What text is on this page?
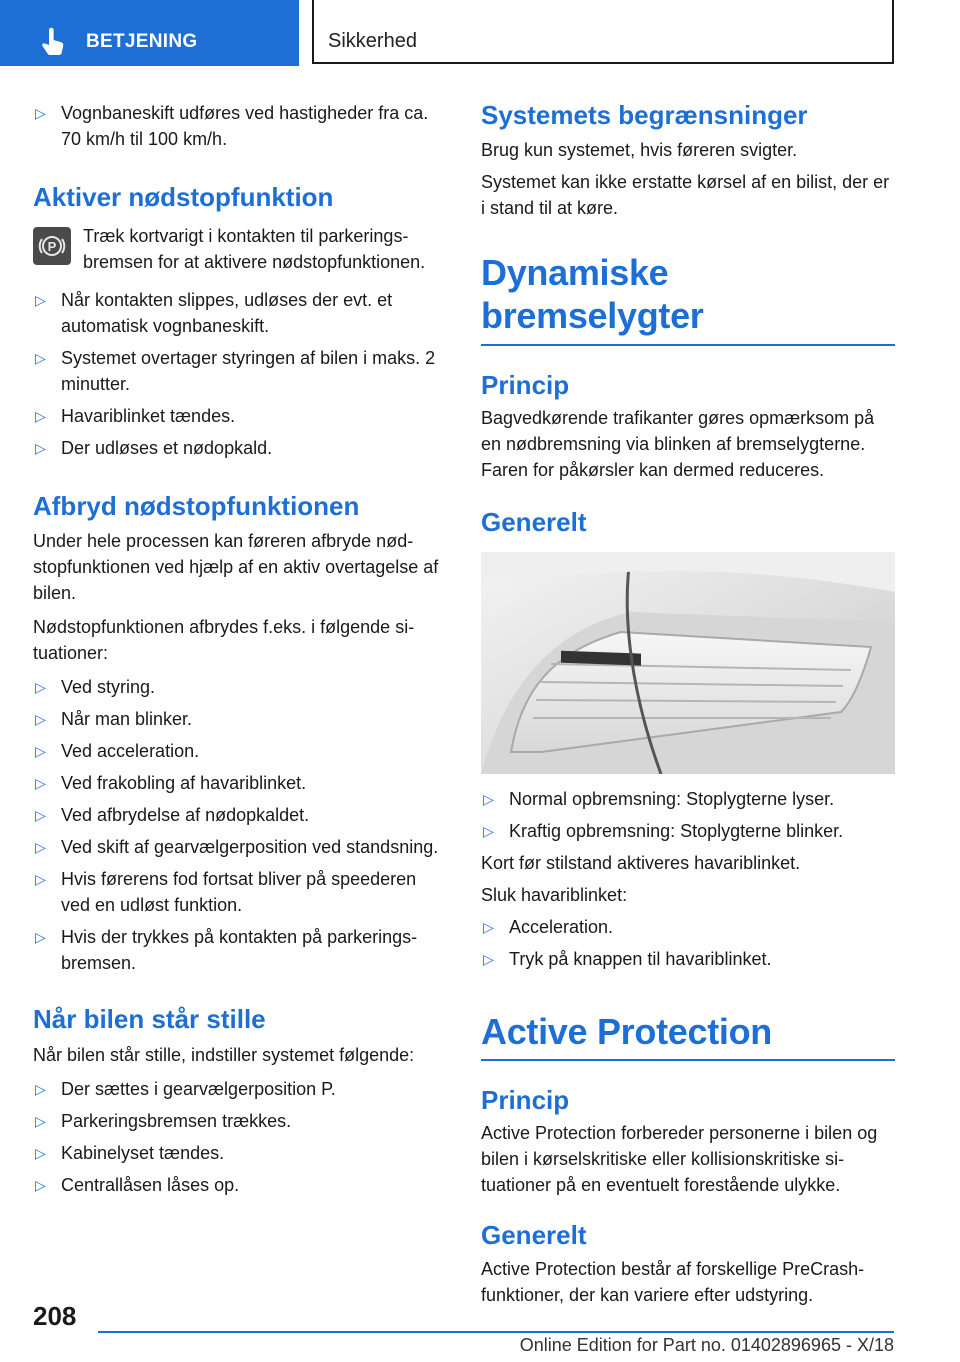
BETJENING	Sikkerhed
▷ Vognbaneskift udføres ved hastigheder fra ca. 70 km/h til 100 km/h.
Aktiver nødstopfunktion
P

Træk kortvarigt i kontakten til parkeringsbremsen for at aktivere nødstopfunktionen.

▷ Når kontakten slippes, udløses der evt. et automatisk vognbaneskift.
▷ Systemet overtager styringen af bilen i maks. 2 minutter.
▷ Havariblinket tændes.
▷ Der udløses et nødopkald.
Afbryd nødstopfunktionen

Under hele processen kan føreren afbryde nødstopfunktionen ved hjælp af en aktiv overtagelse af bilen.

Nødstopfunktionen afbrydes f.eks. i følgende situationer:

▷ Ved styring.
▷ Når man blinker.
▷ Ved acceleration.
▷ Ved frakobling af havariblinket.
▷ Ved afbrydelse af nødopkaldet.
▷ Ved skift af gearvælgerposition ved standsning.
▷ Hvis førerens fod fortsat bliver på speederen ved en udløst funktion.
▷ Hvis der trykkes på kontakten på parkeringsbremsen.
Når bilen står stille

Når bilen står stille, indstiller systemet følgende:

▷ Der sættes i gearvælgerposition P.
▷ Parkeringsbremsen trækkes.
▷ Kabinelyset tændes.
▷ Centrallåsen låses op.
Systemets begrænsninger

Brug kun systemet, hvis føreren svigter.

Systemet kan ikke erstatte kørsel af en bilist, der er i stand til at køre.

Dynamiske bremselygter
Princip

Bagvedkørende trafikanter gøres opmærksom på en nødbremsning via blinken af bremselygterne. Faren for påkørsler kan dermed reduceres.

Generelt
▷ Normal opbremsning: Stoplygterne lyser.
▷ Kraftig opbremsning: Stoplygterne blinker.

Kort før stilstand aktiveres havariblinket.

Sluk havariblinket:

▷ Acceleration.
▷ Tryk på knappen til havariblinket.
Active Protection
Princip

Active Protection forbereder personerne i bilen og bilen i kørselskritiske eller kollisionskritiske situationer på en eventuelt forestående ulykke.

Generelt

Active Protection består af forskellige PreCrash-funktioner, der kan variere efter udstyring.

208
Online Edition for Part no. 01402896965 - X/18
